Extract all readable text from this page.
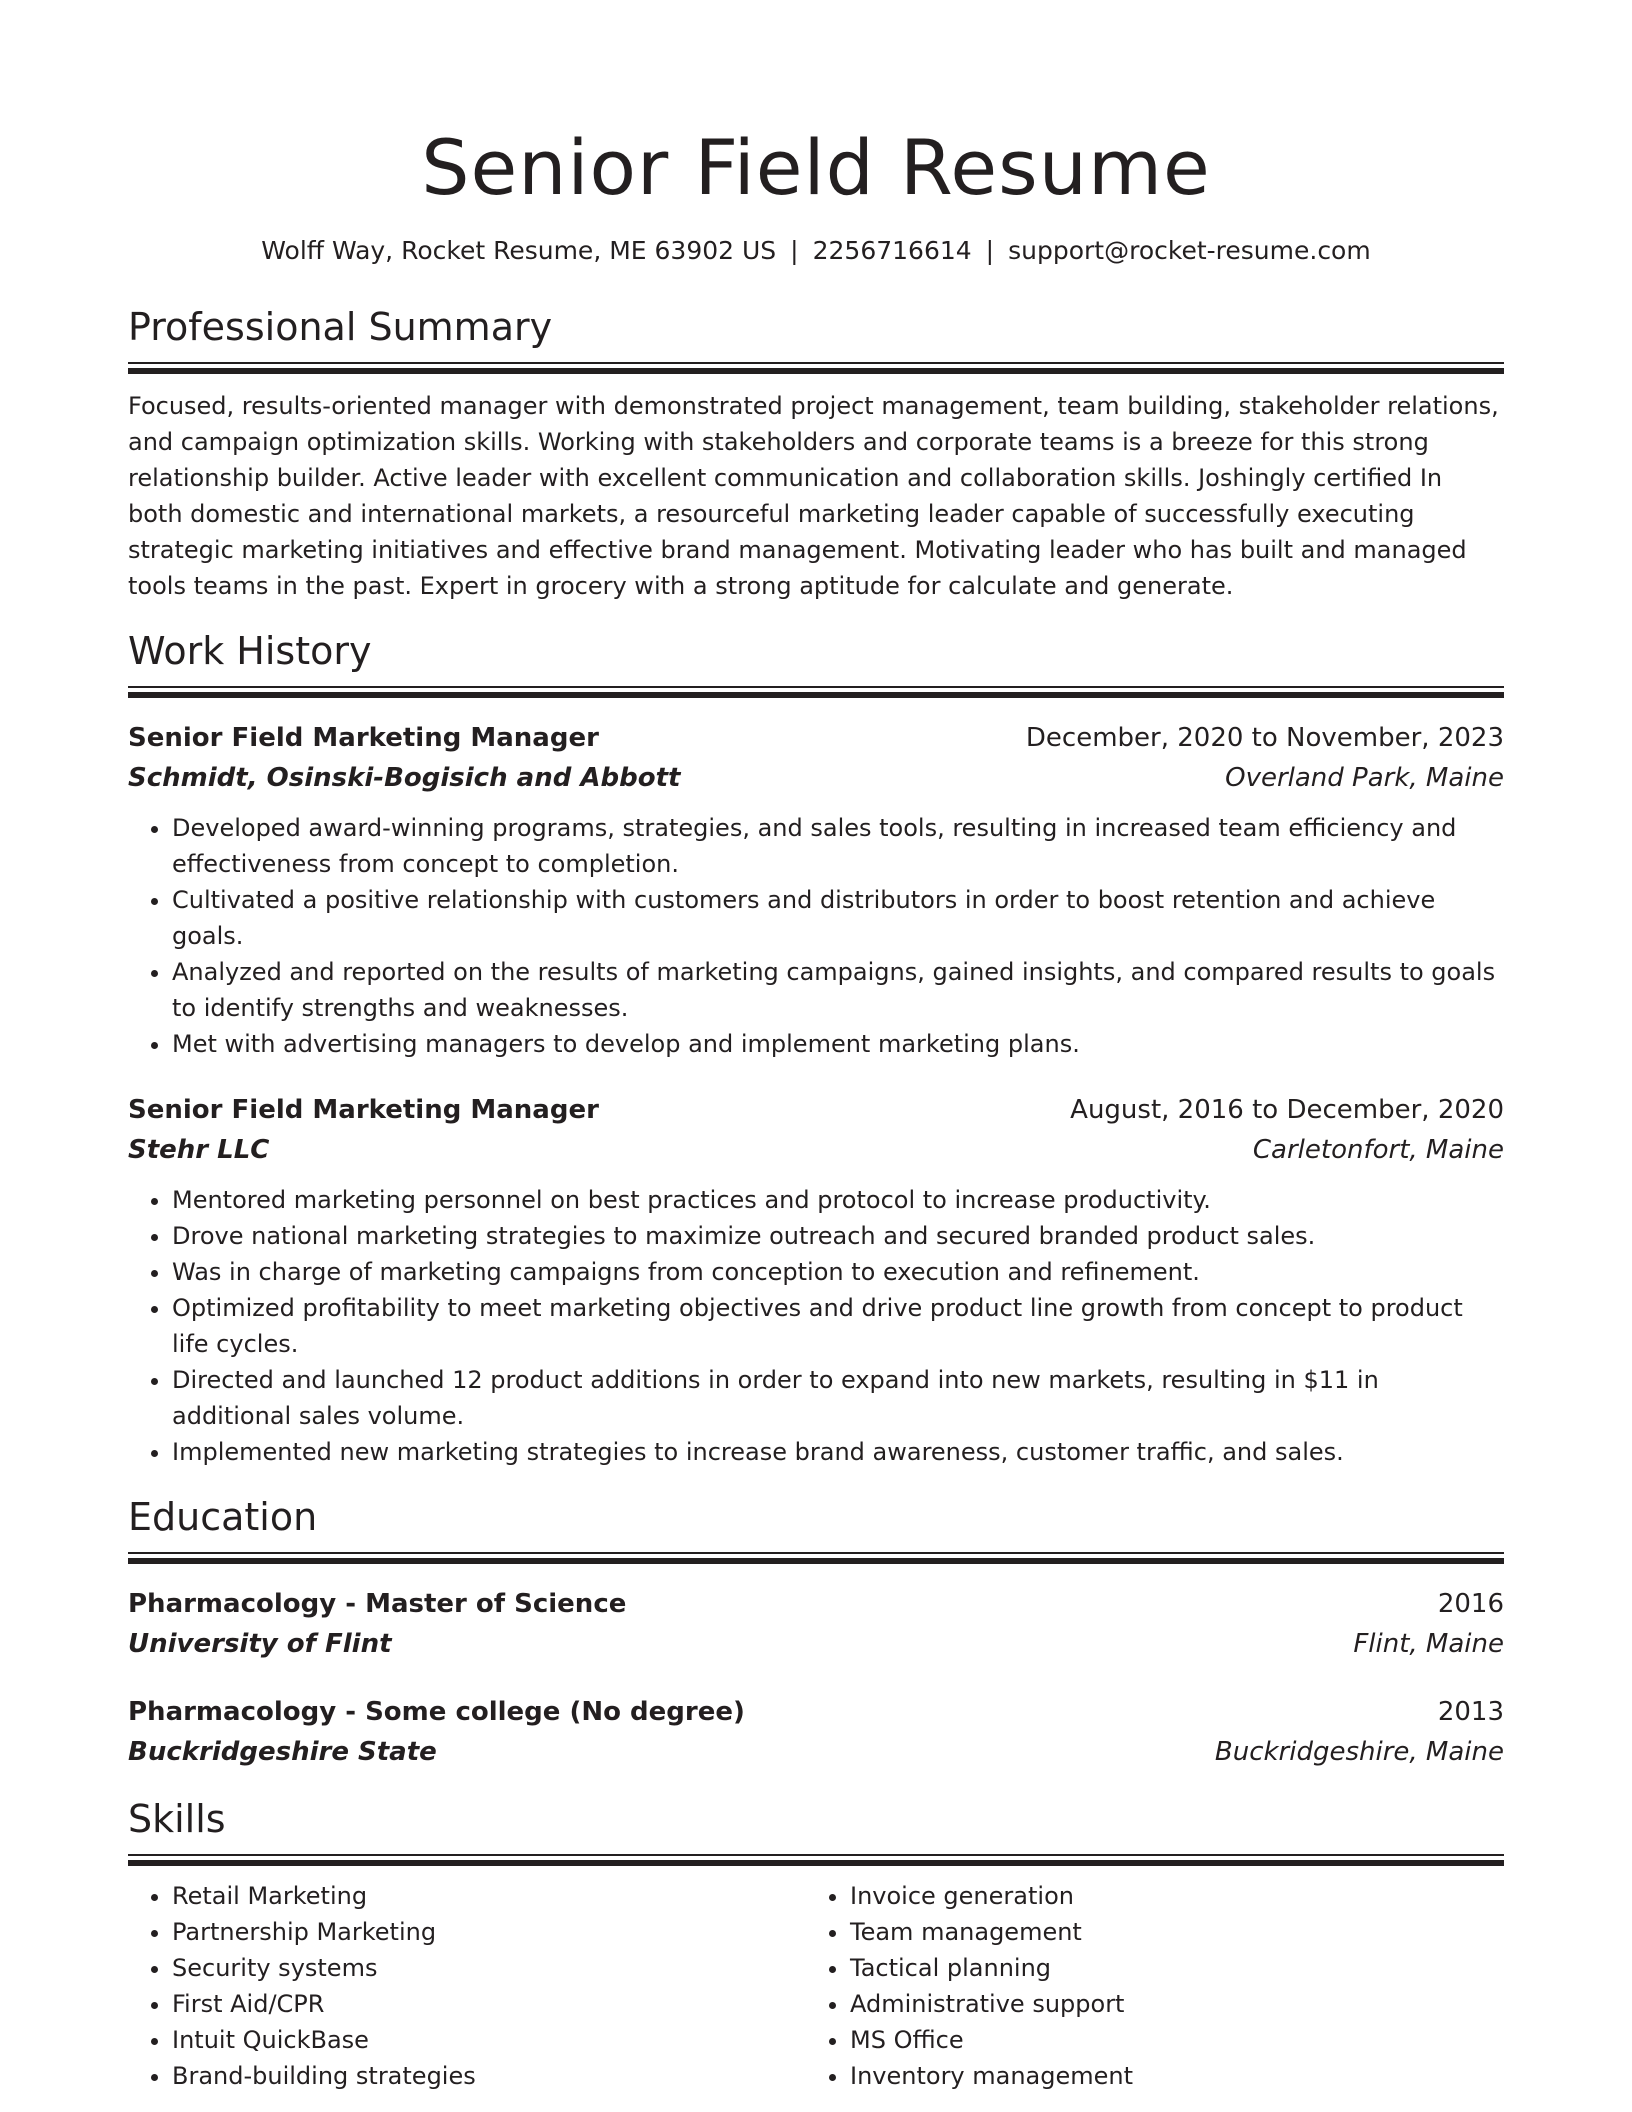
Senior Field Resume
Wolff Way, Rocket Resume, ME 63902 US | 2256716614 | support@rocket-resume.com
Professional Summary

Focused, results-oriented manager with demonstrated project management, team building, stakeholder relations, and campaign optimization skills. Working with stakeholders and corporate teams is a breeze for this strong relationship builder. Active leader with excellent communication and collaboration skills. Joshingly certified In both domestic and international markets, a resourceful marketing leader capable of successfully executing strategic marketing initiatives and effective brand management. Motivating leader who has built and managed tools teams in the past. Expert in grocery with a strong aptitude for calculate and generate.

Work History
Senior Field Marketing Manager	December, 2020 to November, 2023
Schmidt, Osinski-Bogisich and Abbott	Overland Park, Maine
• Developed award-winning programs, strategies, and sales tools, resulting in increased team efficiency and effectiveness from concept to completion.
• Cultivated a positive relationship with customers and distributors in order to boost retention and achieve goals.
• Analyzed and reported on the results of marketing campaigns, gained insights, and compared results to goals to identify strengths and weaknesses.
• Met with advertising managers to develop and implement marketing plans.
Senior Field Marketing Manager	August, 2016 to December, 2020
Stehr LLC	Carletonfort, Maine
• Mentored marketing personnel on best practices and protocol to increase productivity.
• Drove national marketing strategies to maximize outreach and secured branded product sales.
• Was in charge of marketing campaigns from conception to execution and refinement.
• Optimized profitability to meet marketing objectives and drive product line growth from concept to product life cycles.
• Directed and launched 12 product additions in order to expand into new markets, resulting in $11 in additional sales volume.
• Implemented new marketing strategies to increase brand awareness, customer traffic, and sales.
Education
Pharmacology - Master of Science	2016
University of Flint	Flint, Maine
Pharmacology - Some college (No degree)	2013
Buckridgeshire State	Buckridgeshire, Maine
Skills
• Retail Marketing
• Partnership Marketing
• Security systems
• First Aid/CPR
• Intuit QuickBase
• Brand-building strategies
• Invoice generation
• Team management
• Tactical planning
• Administrative support
• MS Office
• Inventory management
